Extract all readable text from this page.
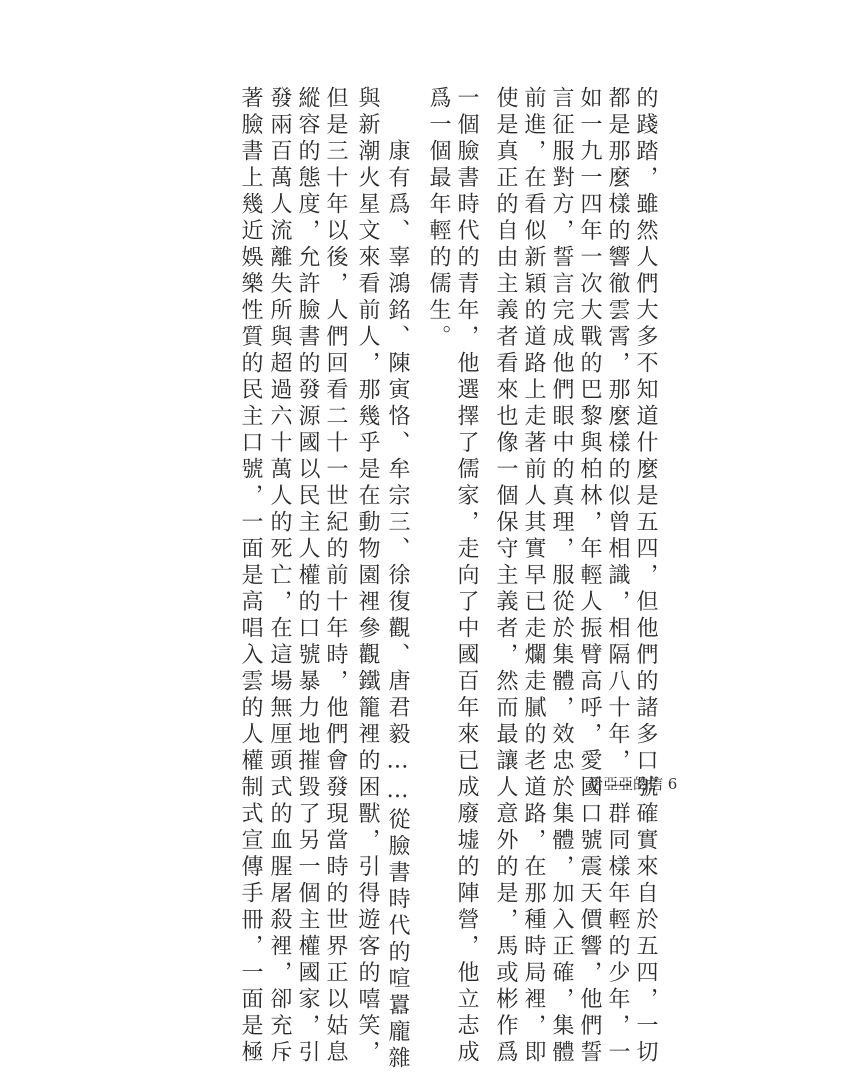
的踐踏，雖然人們大多不知道什麼是五四，但他們的諸多口號確實來自於五四，一切
都是那麼樣的響徹雲霄，那麼樣的似曾相識，相隔八十年，一群同樣年輕的少年，一
如一九一四年一次大戰的巴黎與柏林，年輕人振臂高呼，愛國口號震天價響，他們誓
言征服對方，誓言完成他們眼中的真理，服從於集體，效忠於集體，加入正確，集體
前進，在看似新穎的道路上走著前人其實早已走爛走膩的老道路，在那種時局裡，即
使是真正的自由主義者看來也像一個保守主義者，然而最讓人意外的是，馬或彬作爲
一個臉書時代的青年，他選擇了儒家，走向了中國百年來已成廢墟的陣營，他立志成
爲一個最年輕的儒生。
康有爲、辜鴻銘、陳寅恪、牟宗三、徐復觀、唐君毅……從臉書時代的喧囂龐雜
與新潮火星文來看前人，那幾乎是在動物園裡參觀鐵籠裡的困獸，引得遊客的嘻笑，
但是三十年以後，人們回看二十一世紀的前十年時，他們會發現當時的世界正以姑息
縱容的態度，允許臉書的發源國以民主人權的口號暴力地摧毀了另一個主權國家，引
發兩百萬人流離失所與超過六十萬人的死亡，在這場無厘頭式的血腥屠殺裡，卻充斥
著臉書上幾近娛樂性質的民主口號，一面是高唱入雲的人權制式宣傳手冊，一面是極	給亞亞的信 6
